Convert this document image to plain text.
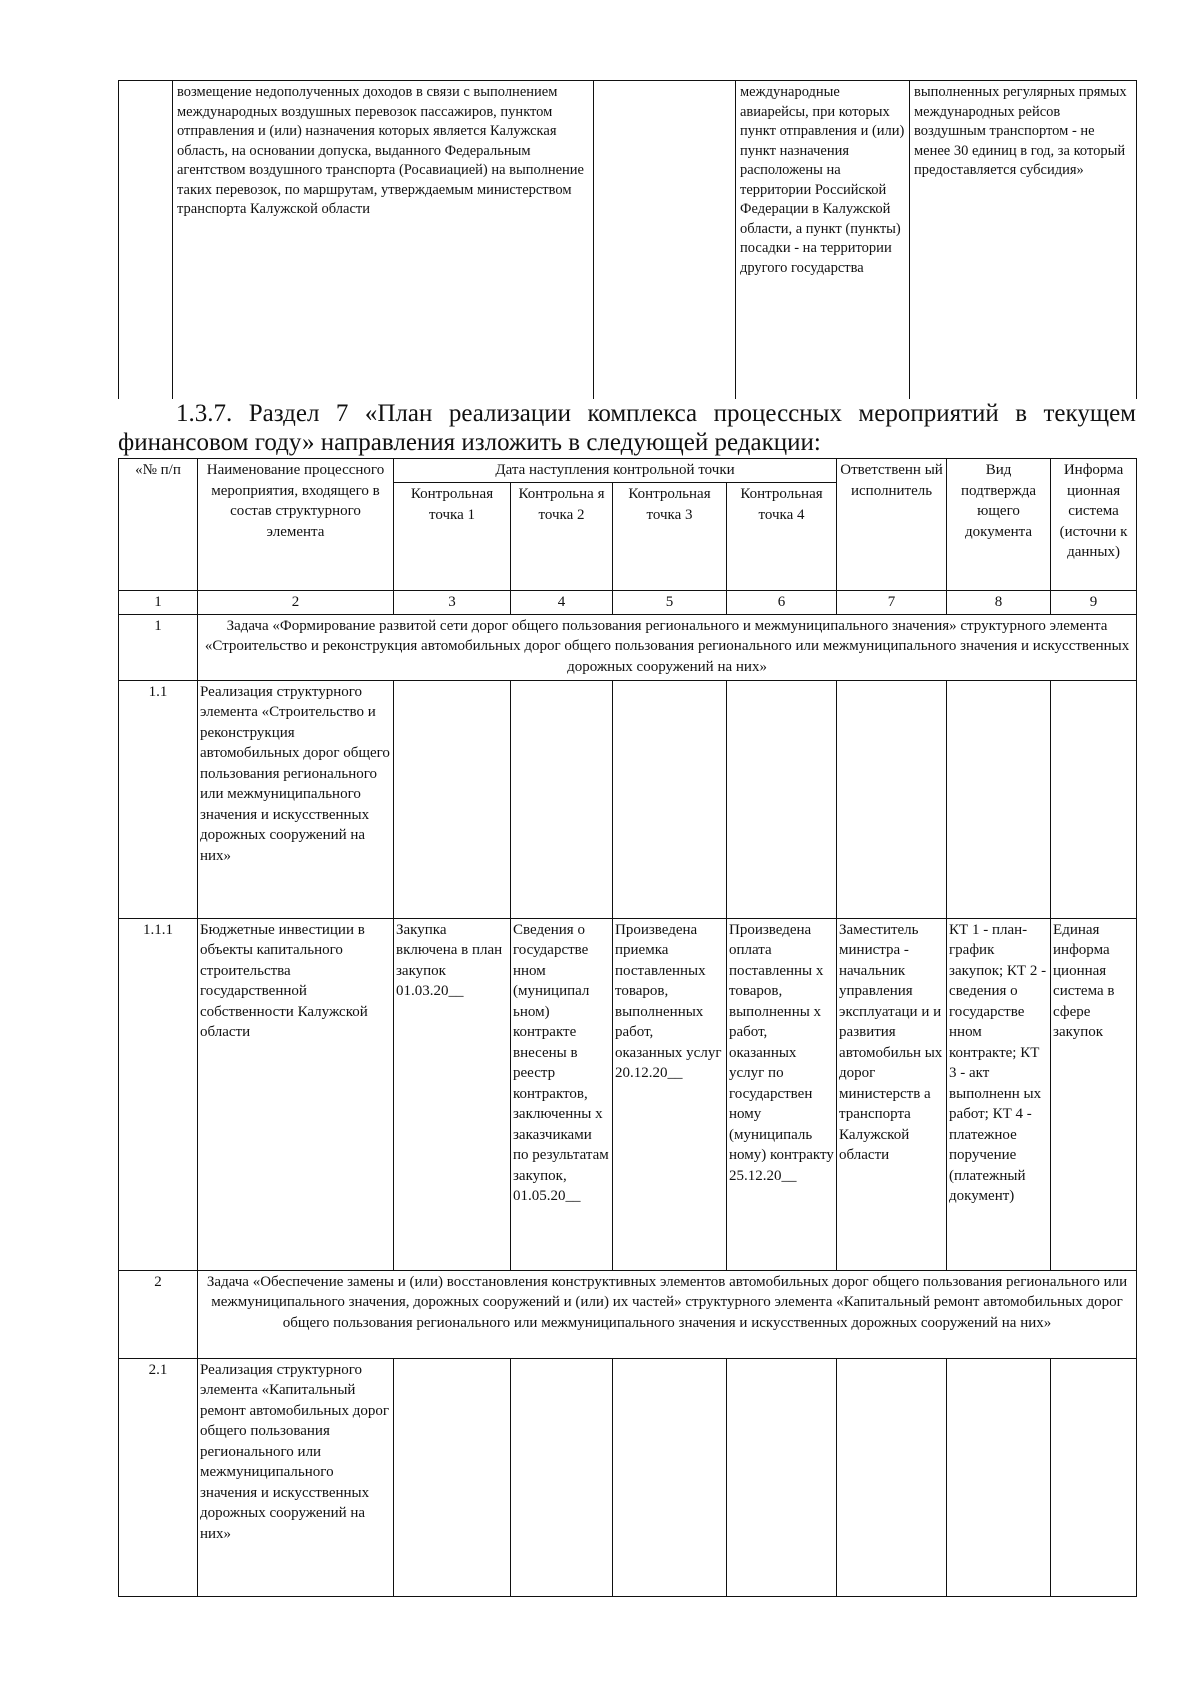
	возмещение недополученных доходов в связи с выполнением международных воздушных перевозок пассажиров, пунктом отправления и (или) назначения которых является Калужская область, на основании допуска, выданного Федеральным агентством воздушного транспорта (Росавиацией) на выполнение таких перевозок, по маршрутам, утверждаемым министерством транспорта Калужской области		международные авиарейсы, при которых пункт отправления и (или) пункт назначения расположены на территории Российской Федерации в Калужской области, а пункт (пункты) посадки - на территории другого государства	выполненных регулярных прямых международных рейсов воздушным транспортом - не менее 30 единиц в год, за который предоставляется субсидия»

1.3.7. Раздел 7 «План реализации комплекса процессных мероприятий в текущем финансовом году» направления изложить в следующей редакции:

«№ п/п	Наименование процессного мероприятия, входящего в состав структурного элемента	Дата наступления контрольной точки				Ответственн ый исполнитель	Вид подтвержда ющего документа	Информа ционная система (источни к данных)
		Контрольная точка 1	Контрольна я точка 2	Контрольная точка 3	Контрольная точка 4			
1	2	3	4	5	6	7	8	9
1	Задача «Формирование развитой сети дорог общего пользования регионального и межмуниципального значения» структурного элемента «Строительство и реконструкция автомобильных дорог общего пользования регионального или межмуниципального значения и искусственных дорожных сооружений на них»							
1.1	Реализация структурного элемента «Строительство и реконструкция автомобильных дорог общего пользования регионального или межмуниципального значения и искусственных дорожных сооружений на них»							
1.1.1	Бюджетные инвестиции в объекты капитального строительства государственной собственности Калужской области	Закупка включена в план закупок 01.03.20__	Сведения о государстве нном (муниципал ьном) контракте внесены в реестр контрактов, заключенны х заказчиками по результатам закупок, 01.05.20__	Произведена приемка поставленных товаров, выполненных работ, оказанных услуг 20.12.20__	Произведена оплата поставленны х товаров, выполненны х работ, оказанных услуг по государствен ному (муниципаль ному) контракту 25.12.20__	Заместитель министра - начальник управления эксплуатаци и и развития автомобильн ых дорог министерств а транспорта Калужской области	КТ 1 - план-график закупок; КТ 2 - сведения о государстве нном контракте; КТ 3 - акт выполненн ых работ; КТ 4 - платежное поручение (платежный документ)	Единая информа ционная система в сфере закупок
2	Задача «Обеспечение замены и (или) восстановления конструктивных элементов автомобильных дорог общего пользования регионального или межмуниципального значения, дорожных сооружений и (или) их частей» структурного элемента «Капитальный ремонт автомобильных дорог общего пользования регионального или межмуниципального значения и искусственных дорожных сооружений на них»							
2.1	Реализация структурного элемента «Капитальный ремонт автомобильных дорог общего пользования регионального или межмуниципального значения и искусственных дорожных сооружений на них»							
